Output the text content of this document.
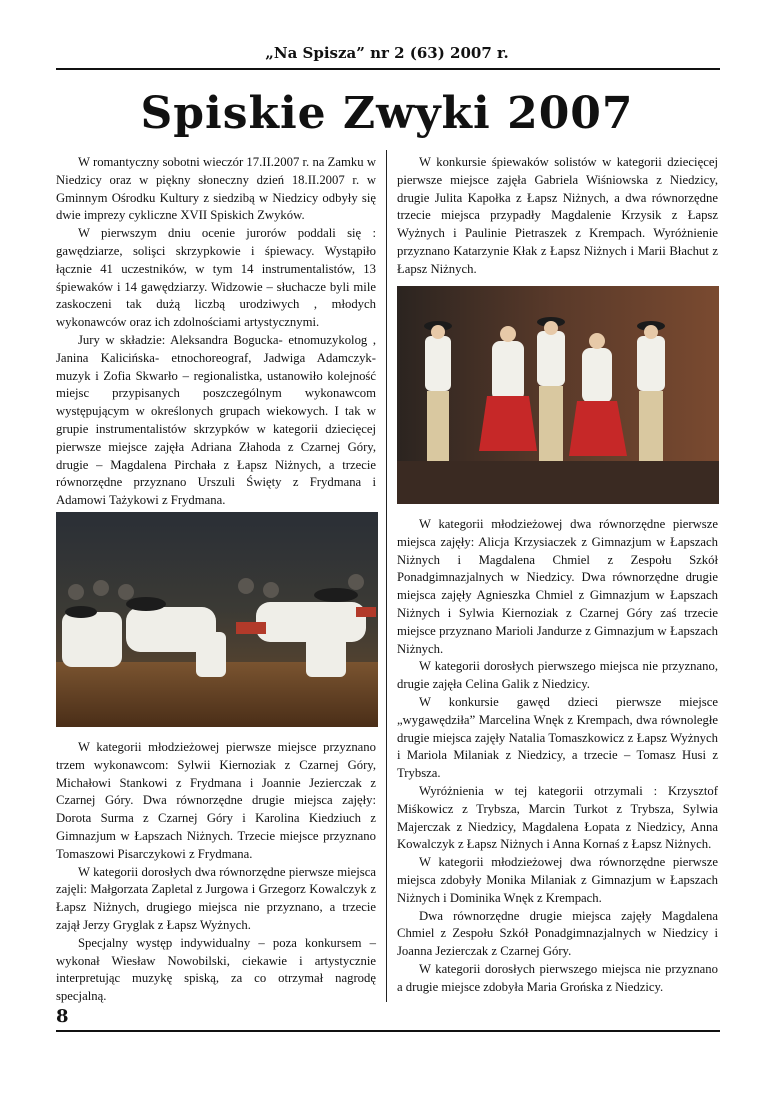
„Na Spisza” nr 2 (63) 2007 r.
Spiskie Zwyki 2007

W romantyczny sobotni wieczór 17.II.2007 r. na Zamku w Niedzicy oraz w piękny słoneczny dzień 18.II.2007 r. w Gminnym Ośrodku Kultury z siedzibą w Niedzicy odbyły się dwie imprezy cykliczne XVII Spiskich Zwyków.

W pierwszym dniu ocenie jurorów poddali się : gawędziarze, solişci skrzypkowie i śpiewacy. Wystąpiło łącznie 41 uczestników, w tym 14 instrumentalistów, 13 śpiewaków i 14 gawędziarzy. Widzowie – słuchacze byli mile zaskoczeni tak dużą liczbą urodziwych , młodych wykonawców oraz ich zdolnościami artystycznymi.

Jury w składzie: Aleksandra Bogucka- etnomuzykolog , Janina Kalicińska- etnochoreograf, Jadwiga Adamczyk- muzyk i Zofia Skwarło – regionalistka, ustanowiło kolejność miejsc przypisanych poszczególnym wykonawcom występującym w określonych grupach wiekowych. I tak w grupie instrumentalistów skrzypków w kategorii dziecięcej pierwsze miejsce zajęła Adriana Złahoda z Czarnej Góry, drugie – Magdalena Pirchała z Łapsz Niżnych, a trzecie równorzędne przyznano Urszuli Święty z Frydmana i Adamowi Tażykowi z Frydmana.

W kategorii młodzieżowej pierwsze miejsce przyznano trzem wykonawcom: Sylwii Kiernoziak z Czarnej Góry, Michałowi Stankowi z Frydmana i Joannie Jezierczak z Czarnej Góry. Dwa równorzędne drugie miejsca zajęły: Dorota Surma z Czarnej Góry i Karolina Kiedziuch z Gimnazjum w Łapszach Niżnych. Trzecie miejsce przyznano Tomaszowi Pisarczykowi z Frydmana.

W kategorii dorosłych dwa równorzędne pierwsze miejsca zajęli: Małgorzata Zapletal z Jurgowa i Grzegorz Kowalczyk z Łapsz Niżnych, drugiego miejsca nie przyznano, a trzecie zajął Jerzy Gryglak z Łapsz Wyżnych.

Specjalny występ indywidualny – poza konkursem – wykonał Wiesław Nowobilski, ciekawie i artystycznie interpretując muzykę spiską, za co otrzymał nagrodę specjalną.

W konkursie śpiewaków solistów w kategorii dziecięcej pierwsze miejsce zajęła Gabriela Wiśniowska z Niedzicy, drugie Julita Kapołka z Łapsz Niżnych, a dwa równorzędne trzecie miejsca przypadły Magdalenie Krzysik z Łapsz Wyżnych i Paulinie Pietraszek z Krempach. Wyróżnienie przyznano Katarzynie Kłak z Łapsz Niżnych i Marii Błachut z Łapsz Niżnych.

W kategorii młodzieżowej dwa równorzędne pierwsze miejsca zajęły: Alicja Krzysiaczek z Gimnazjum w Łapszach Niżnych i Magdalena Chmiel z Zespołu Szkół Ponadgimnazjalnych w Niedzicy. Dwa równorzędne drugie miejsca zajęły Agnieszka Chmiel z Gimnazjum w Łapszach Niżnych i Sylwia Kiernoziak z Czarnej Góry zaś trzecie miejsce przyznano Marioli Jandurze z Gimnazjum w Łapszach Niżnych.

W kategorii dorosłych pierwszego miejsca nie przyznano, drugie zajęła Celina Galik z Niedzicy.

W konkursie gawęd dzieci pierwsze miejsce „wygawędziła” Marcelina Wnęk z Krempach, dwa równoległe drugie miejsca zajęły Natalia Tomaszkowicz z Łapsz Wyżnych i Mariola Milaniak z Niedzicy, a trzecie – Tomasz Husi z Trybsza.

Wyróżnienia w tej kategorii otrzymali : Krzysztof Miśkowicz z Trybsza, Marcin Turkot z Trybsza, Sylwia Majerczak z Niedzicy, Magdalena Łopata z Niedzicy, Anna Kowalczyk z Łapsz Niżnych i Anna Kornaś z Łapsz Niżnych.

W kategorii młodzieżowej dwa równorzędne pierwsze miejsca zdobyły Monika Milaniak z Gimnazjum w Łapszach Niżnych i Dominika Wnęk z Krempach.

Dwa równorzędne drugie miejsca zajęły Magdalena Chmiel z Zespołu Szkół Ponadgimnazjalnych w Niedzicy i Joanna Jezierczak z Czarnej Góry.

W kategorii dorosłych pierwszego miejsca nie przyznano a drugie miejsce zdobyła Maria Grońska z Niedzicy.

8
